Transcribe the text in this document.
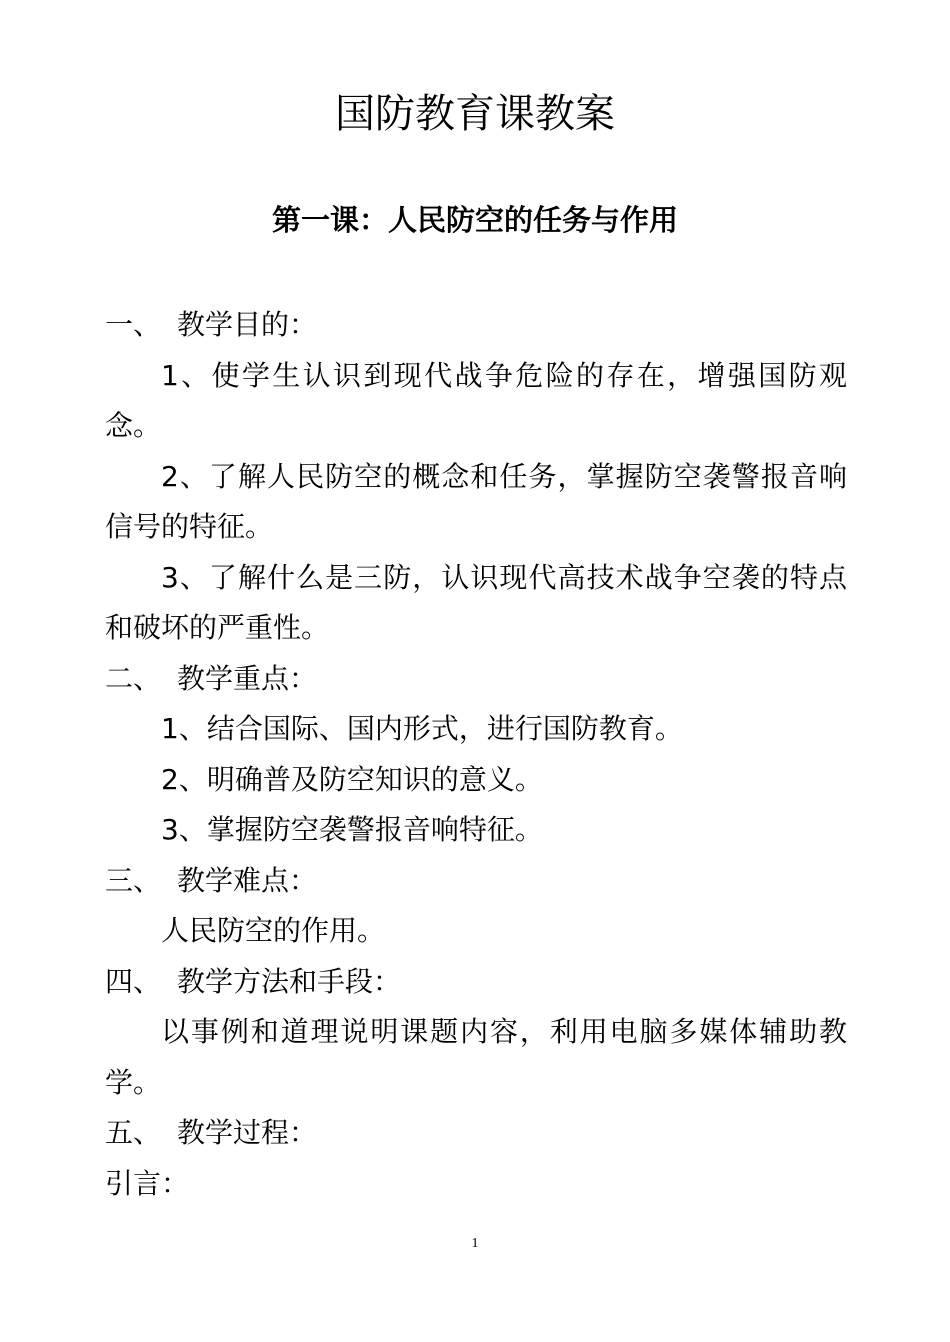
国防教育课教案
第一课：人民防空的任务与作用
一、 教学目的：
1、使学生认识到现代战争危险的存在，增强国防观念。
2、了解人民防空的概念和任务，掌握防空袭警报音响信号的特征。
3、了解什么是三防，认识现代高技术战争空袭的特点和破坏的严重性。
二、 教学重点：
1、结合国际、国内形式，进行国防教育。
2、明确普及防空知识的意义。
3、掌握防空袭警报音响特征。
三、 教学难点：
人民防空的作用。
四、 教学方法和手段：
以事例和道理说明课题内容，利用电脑多媒体辅助教学。
五、 教学过程：
引言：
1
